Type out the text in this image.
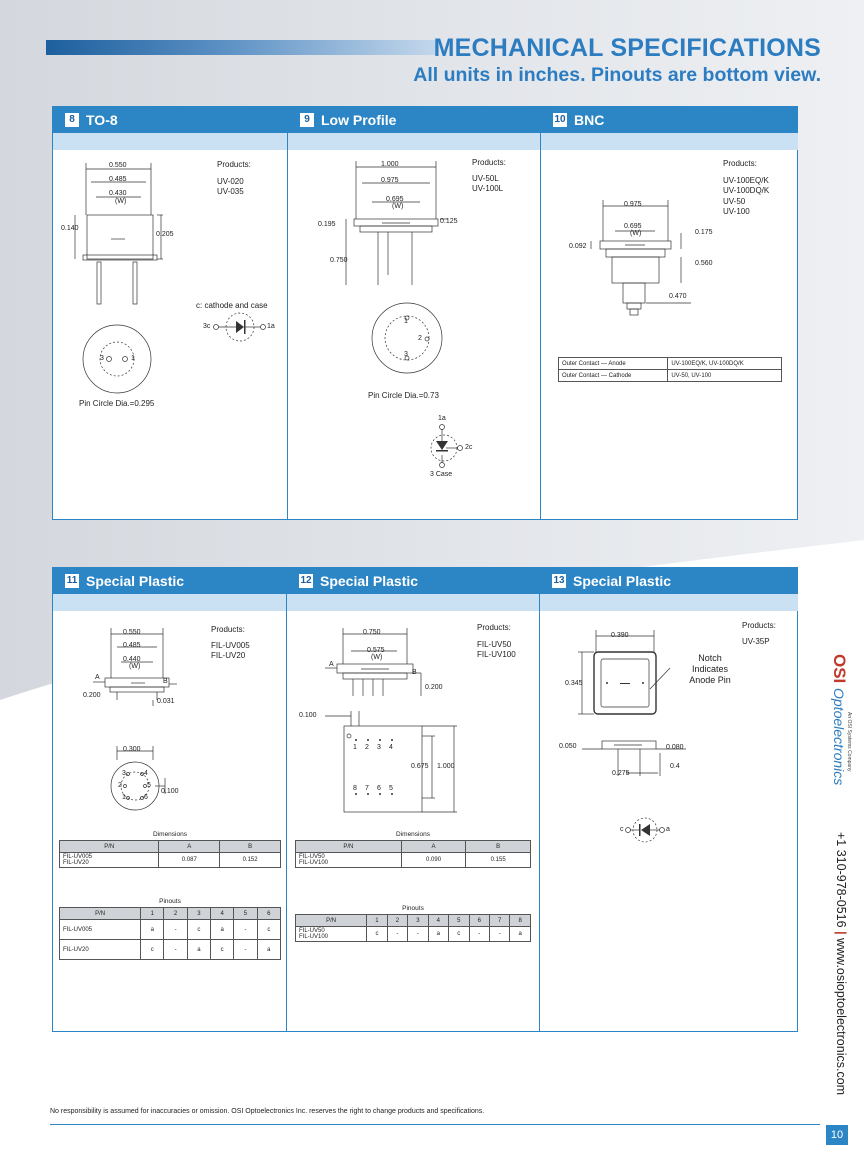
MECHANICAL SPECIFICATIONS
All units in inches. Pinouts are bottom view.
8 TO-8
Products:
UV-020
UV-035
0.550
0.485
0.430
(W)
0.140
0.205
c: cathode and case
3c	1a
3	1
Pin Circle Dia.=0.295
9 Low Profile
Products:
UV-50L
UV-100L
1.000
0.975
0.695
(W)
0.195	0.125
0.750
1
2
3
Pin Circle Dia.=0.73
1a
2c
3 Case
10 BNC
Products:
UV-100EQ/K
UV-100DQ/K
UV-50
UV-100
0.975
0.695
(W)
0.092
0.175
0.560
0.470
Outer Contact — Anode	UV-100EQ/K, UV-100DQ/K
Outer Contact — Cathode	UV-50, UV-100
11 Special Plastic
Products:
FIL-UV005
FIL-UV20
0.550
0.485
0.440
(W)
A
B
0.200
0.031
0.300
0.100
3	4
2	5
1	6
Dimensions
P/N	A	B

FIL-UV005
FIL-UV20	0.087	0.152
Pinouts
P/N	1	2	3	4	5	6
FIL-UV005	a	-	c	a	-	c
FIL-UV20	c	-	a	c	-	a
12 Special Plastic
Products:
FIL-UV50
FIL-UV100
0.750
0.575
(W)
A
B
0.200
0.100
0.675 1.000
1 2 3 4
8 7 6 5
Dimensions
P/N	A	B

FIL-UV50
FIL-UV100	0.090	0.155
Pinouts
P/N	1	2	3	4	5	6	7	8

FIL-UV50
FIL-UV100	c	-	-	a	c	-	-	a
13 Special Plastic
Products:
UV-35P
0.390
0.345
0.050	0.080
0.4
0.275
Notch
Indicates
Anode Pin
c	a
OSI
Optoelectronics An OSI Systems Company
+1 310-978-0516 | www.osioptoelectronics.com
No responsibility is assumed for inaccuracies or omission. OSI Optoelectronics Inc. reserves the right to change products and specifications.
10
